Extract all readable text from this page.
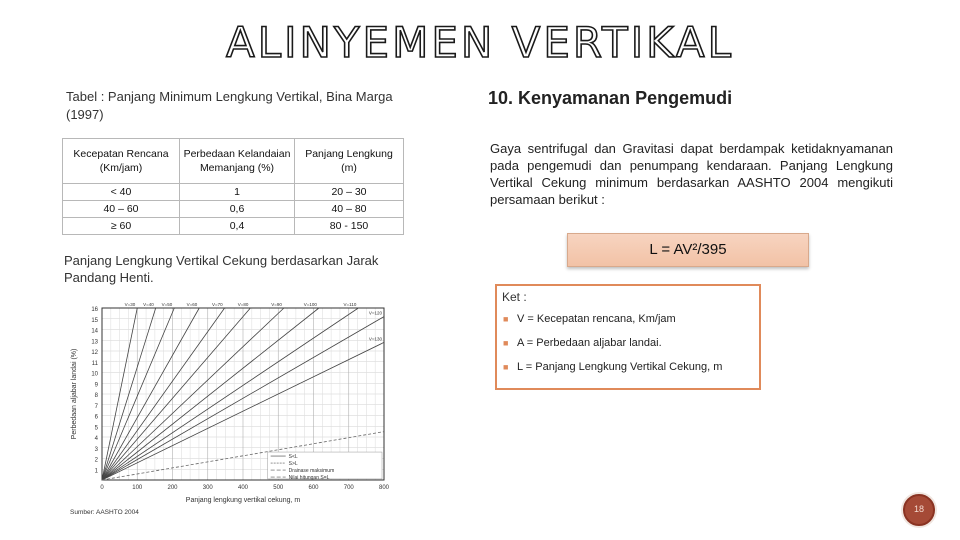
ALINYEMEN VERTIKAL
Tabel : Panjang Minimum Lengkung Vertikal, Bina Marga (1997)
Kecepatan Rencana (Km/jam)	Perbedaan Kelandaian Memanjang (%)	Panjang Lengkung (m)
< 40	1	20 – 30
40 – 60	0,6	40 – 80
≥ 60	0,4	80 - 150
Panjang Lengkung Vertikal Cekung berdasarkan Jarak Pandang Henti.
1
2
3
4
5
6
7
8
9
10
11
12
13
14
15
16
0	100	200	300	400	500	600	700	800
Perbedaan aljabar landai (%)
Panjang lengkung vertikal cekung, m
V=30 V=40 V=50	V=60	V=70	V=80	V=90	V=100	V=110
V=120
V=130
S<L
S>L
Drainase maksimum
Nilai hitungan S=L
Sumber: AASHTO 2004
10. Kenyamanan Pengemudi
Gaya sentrifugal dan Gravitasi dapat berdampak ketidaknyamanan pada pengemudi dan penumpang kendaraan. Panjang Lengkung Vertikal Cekung minimum berdasarkan AASHTO 2004 mengikuti persamaan berikut :
L = AV²/395
Ket :
■ V = Kecepatan rencana, Km/jam
■ A = Perbedaan aljabar landai.
■ L = Panjang Lengkung Vertikal Cekung, m
18
